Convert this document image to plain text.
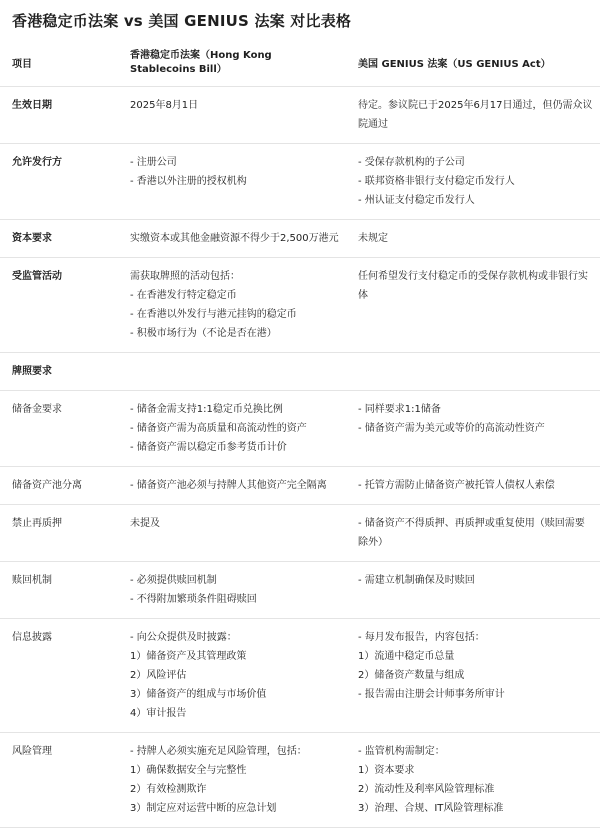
香港稳定币法案 vs 美国 GENIUS 法案 对比表格
项目	香港稳定币法案（Hong Kong Stablecoins Bill）	美国 GENIUS 法案（US GENIUS Act）

生效日期	2025年8月1日	待定。参议院已于2025年6月17日通过，但仍需众议院通过

允许发行方	- 注册公司
- 香港以外注册的授权机构	- 受保存款机构的子公司
- 联邦资格非银行支付稳定币发行人
- 州认证支付稳定币发行人

资本要求	实缴资本或其他金融资源不得少于2,500万港元	未规定

受监管活动	需获取牌照的活动包括：
- 在香港发行特定稳定币
- 在香港以外发行与港元挂钩的稳定币
- 积极市场行为（不论是否在港）	任何希望发行支付稳定币的受保存款机构或非银行实体

牌照要求		

储备金要求	- 储备金需支持1:1稳定币兑换比例
- 储备资产需为高质量和高流动性的资产
- 储备资产需以稳定币参考货币计价	- 同样要求1:1储备
- 储备资产需为美元或等价的高流动性资产

储备资产池分离	- 储备资产池必须与持牌人其他资产完全隔离	- 托管方需防止储备资产被托管人债权人索偿

禁止再质押	未提及	- 储备资产不得质押、再质押或重复使用（赎回需要除外）

赎回机制	- 必须提供赎回机制
- 不得附加繁琐条件阻碍赎回	- 需建立机制确保及时赎回

信息披露	- 向公众提供及时披露：
1）储备资产及其管理政策
2）风险评估
3）储备资产的组成与市场价值
4）审计报告	- 每月发布报告，内容包括：
1）流通中稳定币总量
2）储备资产数量与组成
- 报告需由注册会计师事务所审计

风险管理	- 持牌人必须实施充足风险管理，包括：
1）确保数据安全与完整性
2）有效检测欺诈
3）制定应对运营中断的应急计划	- 监管机构需制定：
1）资本要求
2）流动性及利率风险管理标准
3）治理、合规、IT风险管理标准
